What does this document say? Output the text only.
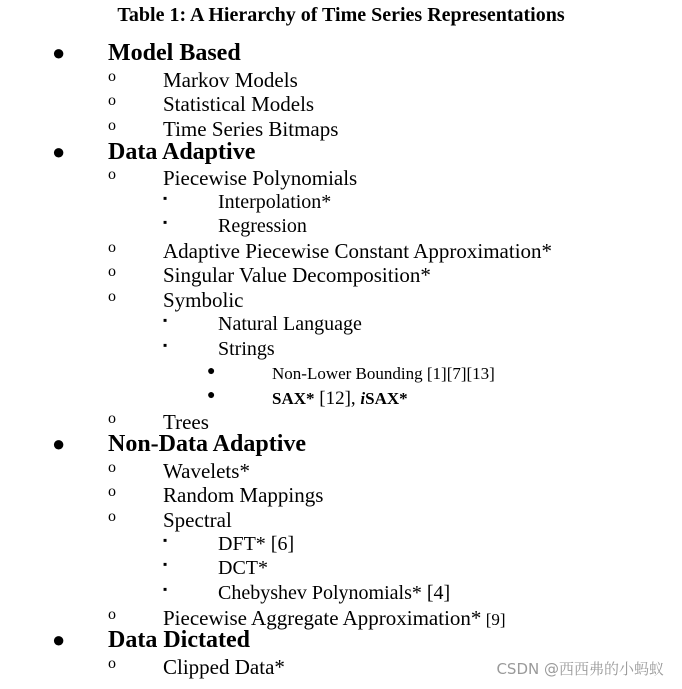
Table 1: A Hierarchy of Time Series Representations
● Model Based
o Markov Models
o Statistical Models
o Time Series Bitmaps
● Data Adaptive
o Piecewise Polynomials
▪	Interpolation*
▪	Regression
o Adaptive Piecewise Constant Approximation*
o Singular Value Decomposition*
o Symbolic
▪	Natural Language
▪	Strings
●	Non-Lower Bounding [1][7][13]
o Trees
● Non-Data Adaptive
o Wavelets*
o Random Mappings
o Spectral
▪	DFT* [6]
▪	DCT*
▪	Chebyshev Polynomials* [4]
● Data Dictated
o Clipped Data*
●	SAX* [12], iSAX*
o Piecewise Aggregate Approximation* [9]
CSDN @西西弗的小蚂蚁
